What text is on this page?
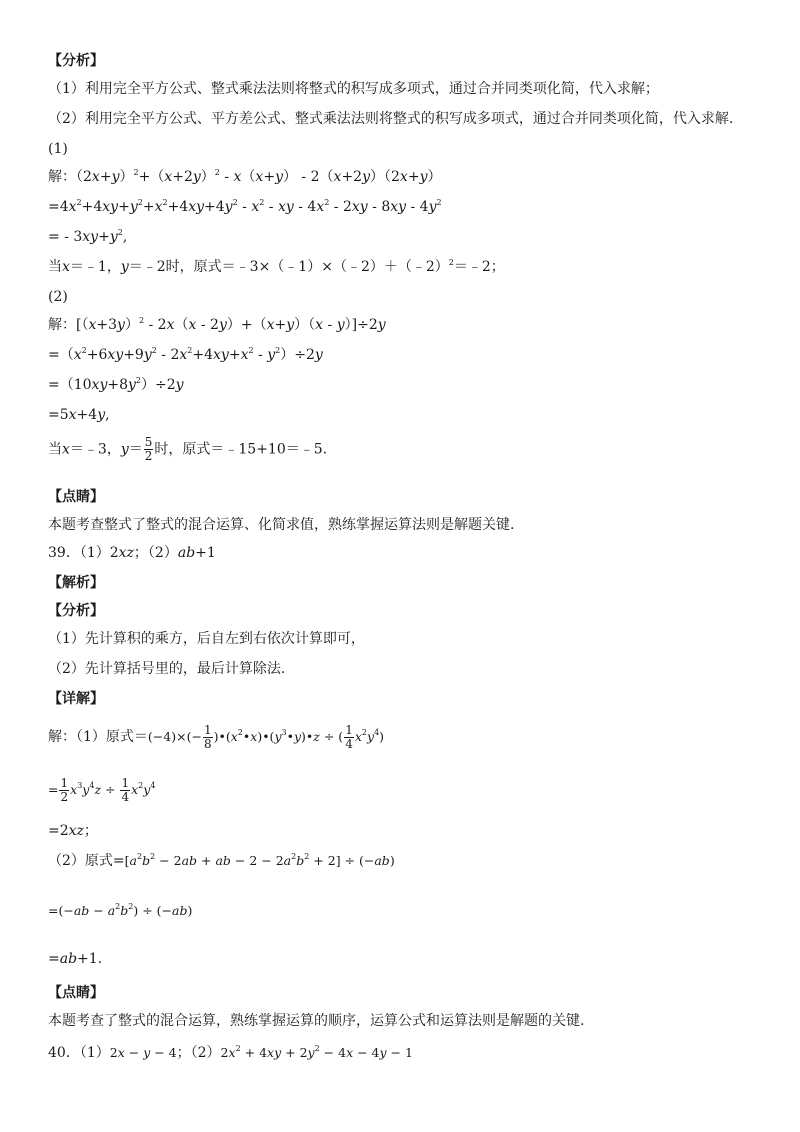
【分析】
（1）利用完全平方公式、整式乘法法则将整式的积写成多项式，通过合并同类项化简，代入求解；
（2）利用完全平方公式、平方差公式、整式乘法法则将整式的积写成多项式，通过合并同类项化简，代入求解.
(1)
解：$(2x+y)^2+(x+2y)^2 - x(x+y) - 2(x+2y)(2x+y)$
$=4x^2+4xy+y^2+x^2+4xy+4y^2 - x^2$ - xy - $4x^2 - 2xy - 8xy - 4y^2$
= - $3xy+y^2$,
当x＝﹣1，y＝﹣2时，原式＝﹣3×（﹣1）×（﹣2）＋（﹣2）$^2$＝﹣2；
(2)
解：$[(x+3y)^2 - 2x(x - 2y)+(x+y)(x - y)]\div 2y$
$=(x^2+6xy+9y^2 - 2x^2+4xy+x^2 - y^2)\div 2y$
$=(10xy+8y^2)\div 2y$
=5x+4y,
当x＝﹣3，$y= \frac{5}{2}$ 时，原式＝﹣15+10＝﹣5.
【点睛】
本题考查整式了整式的混合运算、化简求值，熟练掌握运算法则是解题关键.
39．（1）2xz；（2）ab+1
【解析】
【分析】
（1）先计算积的乘方，后自左到右依次计算即可，
（2）先计算括号里的，最后计算除法.
【详解】
解：（1）原式$=(-4)\times(- \frac{1}{8}$ )$•(x^2•x)•(y^3•y)•z$ ÷ ( $\frac{1}{4} x^2y^4$)
= $\frac{1}{2} x^3y^4z \div \frac{1}{4} x^2y^4$
=2xz；
（2）原式$=[a^2b^2 - 2ab$ + ab − $2 - 2a^2b^2 + 2] \div (-ab)$
$=(-ab - a^2b^2) \div (-ab)$
=ab+1.
【点睛】
本题考查了整式的混合运算，熟练掌握运算的顺序，运算公式和运算法则是解题的关键.
40．（1）2x − y − 4；$(2)2x^2 + 4xy + 2y^2 - 4x - 4y - 1$
